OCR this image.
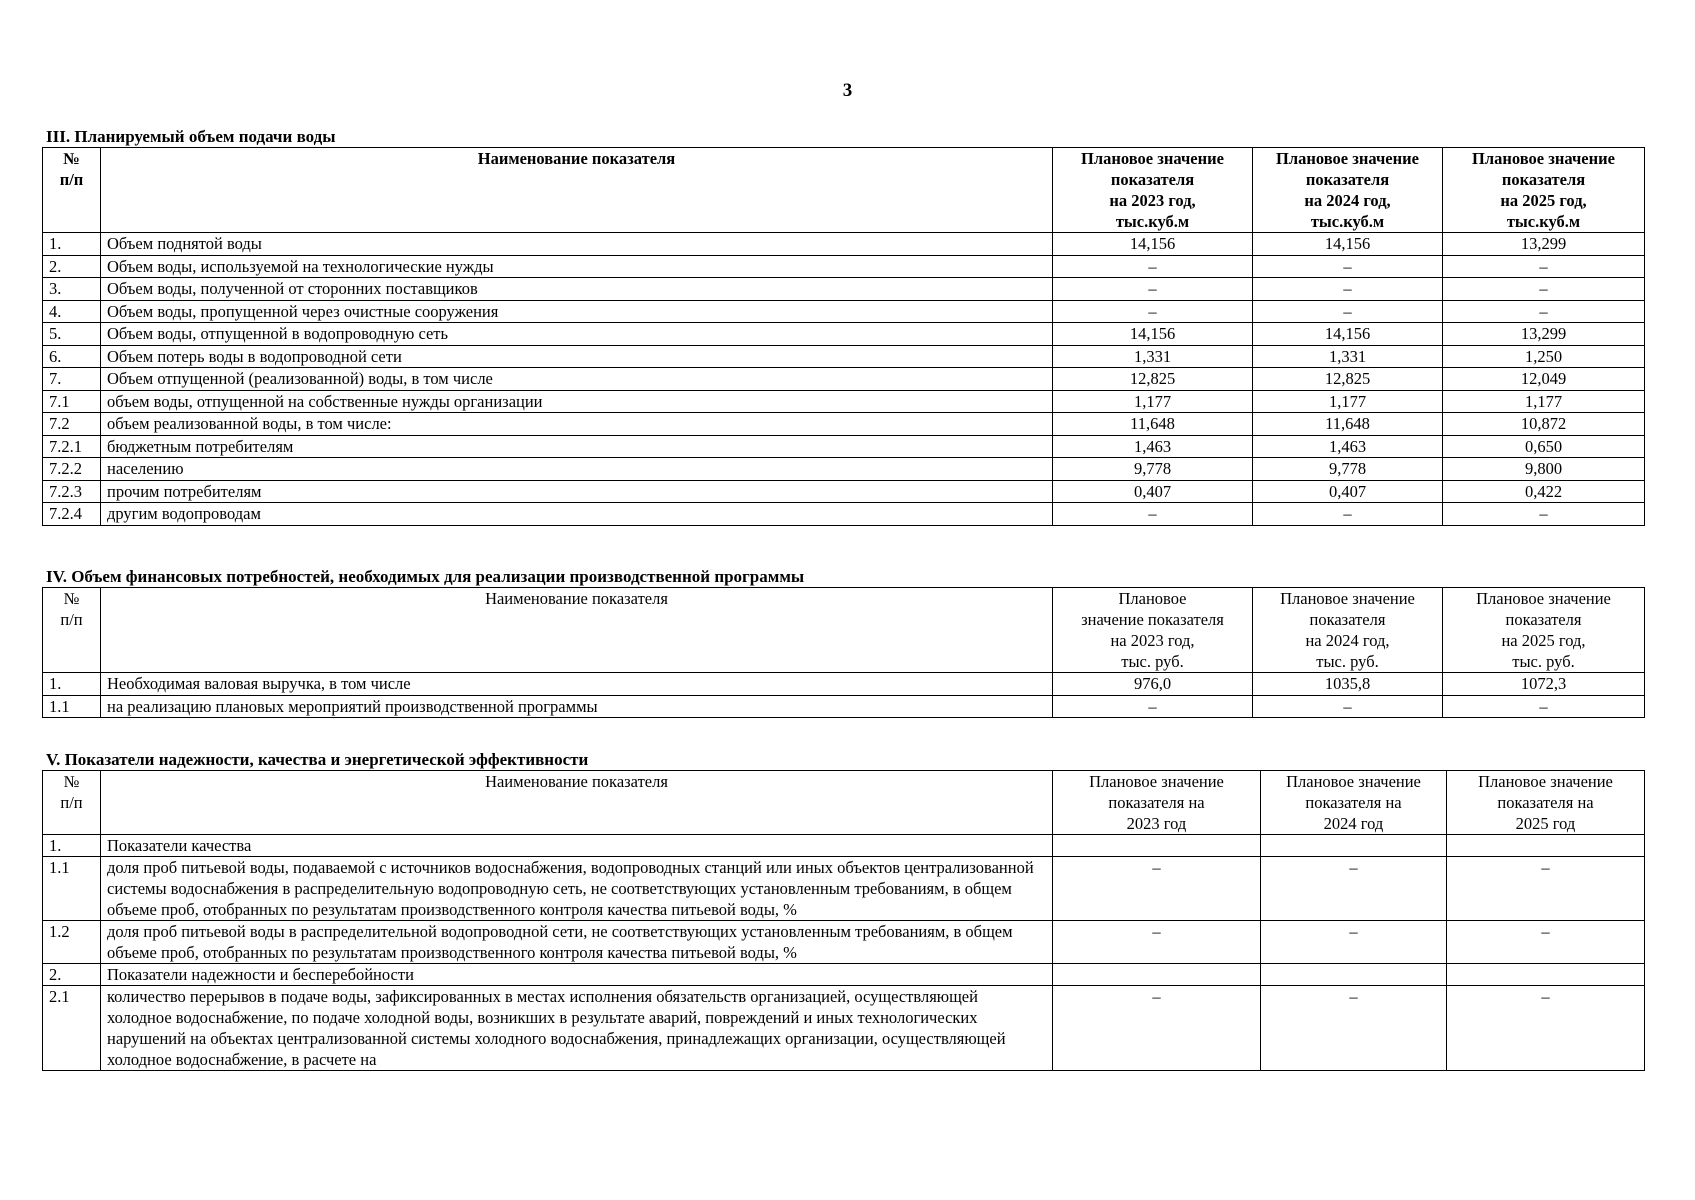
3
III. Планируемый объем подачи воды
№
п/п	Наименование показателя	Плановое значение
показателя
на 2023 год,
тыс.куб.м	Плановое значение
показателя
на 2024 год,
тыс.куб.м	Плановое значение
показателя
на 2025 год,
тыс.куб.м
1.	Объем поднятой воды	14,156	14,156	13,299
2.	Объем воды, используемой на технологические нужды	–	–	–
3.	Объем воды, полученной от сторонних поставщиков	–	–	–
4.	Объем воды, пропущенной через очистные сооружения	–	–	–
5.	Объем воды, отпущенной в водопроводную сеть	14,156	14,156	13,299
6.	Объем потерь воды в водопроводной сети	1,331	1,331	1,250
7.	Объем отпущенной (реализованной) воды, в том числе	12,825	12,825	12,049
7.1	объем воды, отпущенной на собственные нужды организации	1,177	1,177	1,177
7.2	объем реализованной воды, в том числе:	11,648	11,648	10,872
7.2.1	бюджетным потребителям	1,463	1,463	0,650
7.2.2	населению	9,778	9,778	9,800
7.2.3	прочим потребителям	0,407	0,407	0,422
7.2.4	другим водопроводам	–	–	–
IV. Объем финансовых потребностей, необходимых для реализации производственной программы
№
п/п	Наименование показателя	Плановое
значение показателя
на 2023 год,
тыс. руб.	Плановое значение
показателя
на 2024 год,
тыс. руб.	Плановое значение
показателя
на 2025 год,
тыс. руб.
1.	Необходимая валовая выручка, в том числе	976,0	1035,8	1072,3
1.1	на реализацию плановых мероприятий производственной программы	–	–	–
V. Показатели надежности, качества и энергетической эффективности
№
п/п	Наименование показателя	Плановое значение
показателя на
2023 год	Плановое значение
показателя на
2024 год	Плановое значение
показателя на
2025 год
1.	Показатели качества			
1.1	доля проб питьевой воды, подаваемой с источников водоснабжения, водопроводных станций или иных объектов централизованной системы водоснабжения в распределительную водопроводную сеть, не соответствующих установленным требованиям, в общем объеме проб, отобранных по результатам производственного контроля качества питьевой воды, %	–	–	–
1.2	доля проб питьевой воды в распределительной водопроводной сети, не соответствующих установленным требованиям, в общем объеме проб, отобранных по результатам производственного контроля качества питьевой воды, %	–	–	–
2.	Показатели надежности и бесперебойности			
2.1	количество перерывов в подаче воды, зафиксированных в местах исполнения обязательств организацией, осуществляющей холодное водоснабжение, по подаче холодной воды, возникших в результате аварий, повреждений и иных технологических нарушений на объектах централизованной системы холодного водоснабжения, принадлежащих организации, осуществляющей холодное водоснабжение, в расчете на	–	–	–
